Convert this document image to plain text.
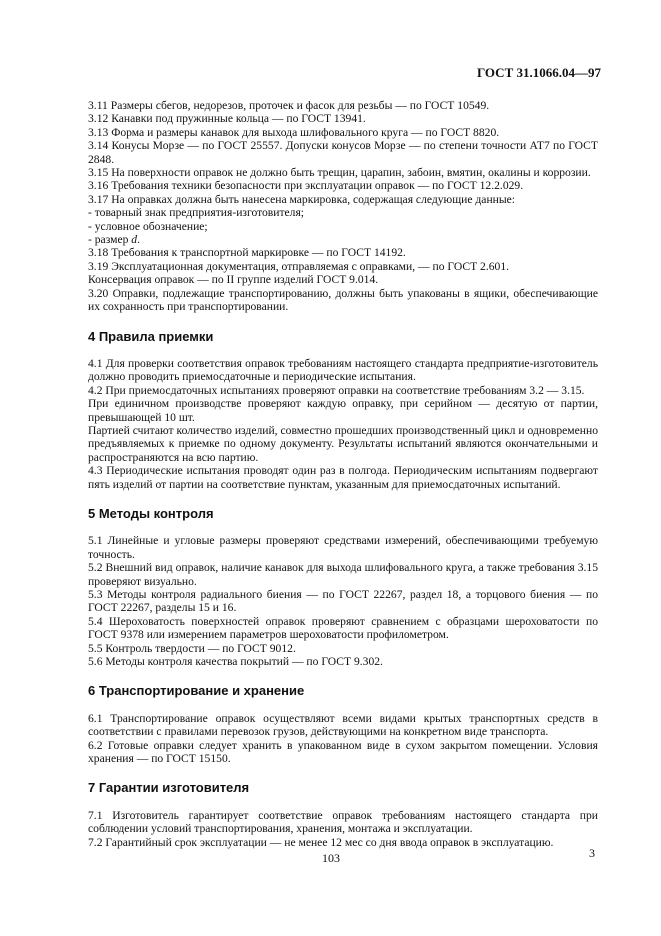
ГОСТ 31.1066.04—97

3.11 Размеры сбегов, недорезов, проточек и фасок для резьбы — по ГОСТ 10549.

3.12 Канавки под пружинные кольца — по ГОСТ 13941.

3.13 Форма и размеры канавок для выхода шлифовального круга — по ГОСТ 8820.

3.14 Конусы Морзе — по ГОСТ 25557. Допуски конусов Морзе — по степени точности АТ7 по ГОСТ 2848.

3.15 На поверхности оправок не должно быть трещин, царапин, забоин, вмятин, окалины и коррозии.

3.16 Требования техники безопасности при эксплуатации оправок — по ГОСТ 12.2.029.

3.17 На оправках должна быть нанесена маркировка, содержащая следующие данные:

- товарный знак предприятия-изготовителя;

- условное обозначение;

- размер d.

3.18 Требования к транспортной маркировке — по ГОСТ 14192.

3.19 Эксплуатационная документация, отправляемая с оправками, — по ГОСТ 2.601.

Консервация оправок — по II группе изделий ГОСТ 9.014.

3.20 Оправки, подлежащие транспортированию, должны быть упакованы в ящики, обеспечивающие их сохранность при транспортировании.

4 Правила приемки

4.1 Для проверки соответствия оправок требованиям настоящего стандарта предприятие-изготовитель должно проводить приемосдаточные и периодические испытания.

4.2 При приемосдаточных испытаниях проверяют оправки на соответствие требованиям 3.2 — 3.15.

При единичном производстве проверяют каждую оправку, при серийном — десятую от партии, превышающей 10 шт.

Партией считают количество изделий, совместно прошедших производственный цикл и одновременно предъявляемых к приемке по одному документу. Результаты испытаний являются окончательными и распространяются на всю партию.

4.3 Периодические испытания проводят один раз в полгода. Периодическим испытаниям подвергают пять изделий от партии на соответствие пунктам, указанным для приемосдаточных испытаний.

5 Методы контроля

5.1 Линейные и угловые размеры проверяют средствами измерений, обеспечивающими требуемую точность.

5.2 Внешний вид оправок, наличие канавок для выхода шлифовального круга, а также требования 3.15 проверяют визуально.

5.3 Методы контроля радиального биения — по ГОСТ 22267, раздел 18, а торцового биения — по ГОСТ 22267, разделы 15 и 16.

5.4 Шероховатость поверхностей оправок проверяют сравнением с образцами шероховатости по ГОСТ 9378 или измерением параметров шероховатости профилометром.

5.5 Контроль твердости — по ГОСТ 9012.

5.6 Методы контроля качества покрытий — по ГОСТ 9.302.

6 Транспортирование и хранение

6.1 Транспортирование оправок осуществляют всеми видами крытых транспортных средств в соответствии с правилами перевозок грузов, действующими на конкретном виде транспорта.

6.2 Готовые оправки следует хранить в упакованном виде в сухом закрытом помещении. Условия хранения — по ГОСТ 15150.

7 Гарантии изготовителя

7.1 Изготовитель гарантирует соответствие оправок требованиям настоящего стандарта при соблюдении условий транспортирования, хранения, монтажа и эксплуатации.

7.2 Гарантийный срок эксплуатации — не менее 12 мес со дня ввода оправок в эксплуатацию.

103	3
